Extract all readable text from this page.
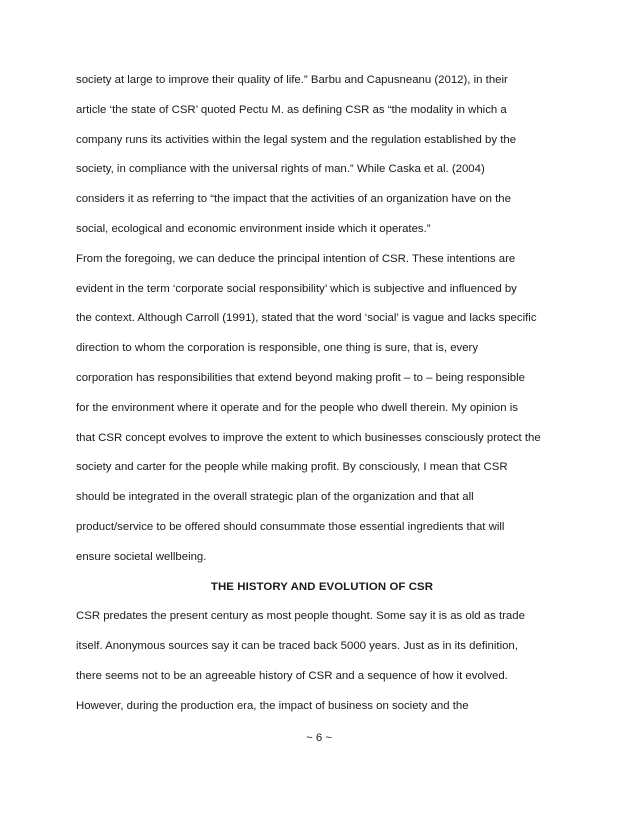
society at large to improve their quality of life.” Barbu and Capusneanu (2012), in their
article ‘the state of CSR’ quoted Pectu M. as defining CSR as “the modality in which a
company runs its activities within the legal system and the regulation established by the
society, in compliance with the universal rights of man.” While Caska et al. (2004)
considers it as referring to “the impact that the activities of an organization have on the
social, ecological and economic environment inside which it operates.”
From the foregoing, we can deduce the principal intention of CSR. These intentions are
evident in the term ‘corporate social responsibility’ which is subjective and influenced by
the context. Although Carroll (1991), stated that the word ‘social’ is vague and lacks specific
direction to whom the corporation is responsible, one thing is sure, that is, every
corporation has responsibilities that extend beyond making profit – to – being responsible
for the environment where it operate and for the people who dwell therein. My opinion is
that CSR concept evolves to improve the extent to which businesses consciously protect the
society and carter for the people while making profit. By consciously, I mean that CSR
should be integrated in the overall strategic plan of the organization and that all
product/service to be offered should consummate those essential ingredients that will
ensure societal wellbeing.
THE HISTORY AND EVOLUTION OF CSR
CSR predates the present century as most people thought. Some say it is as old as trade
itself. Anonymous sources say it can be traced back 5000 years. Just as in its definition,
there seems not to be an agreeable history of CSR and a sequence of how it evolved.
However, during the production era, the impact of business on society and the
~ 6 ~
